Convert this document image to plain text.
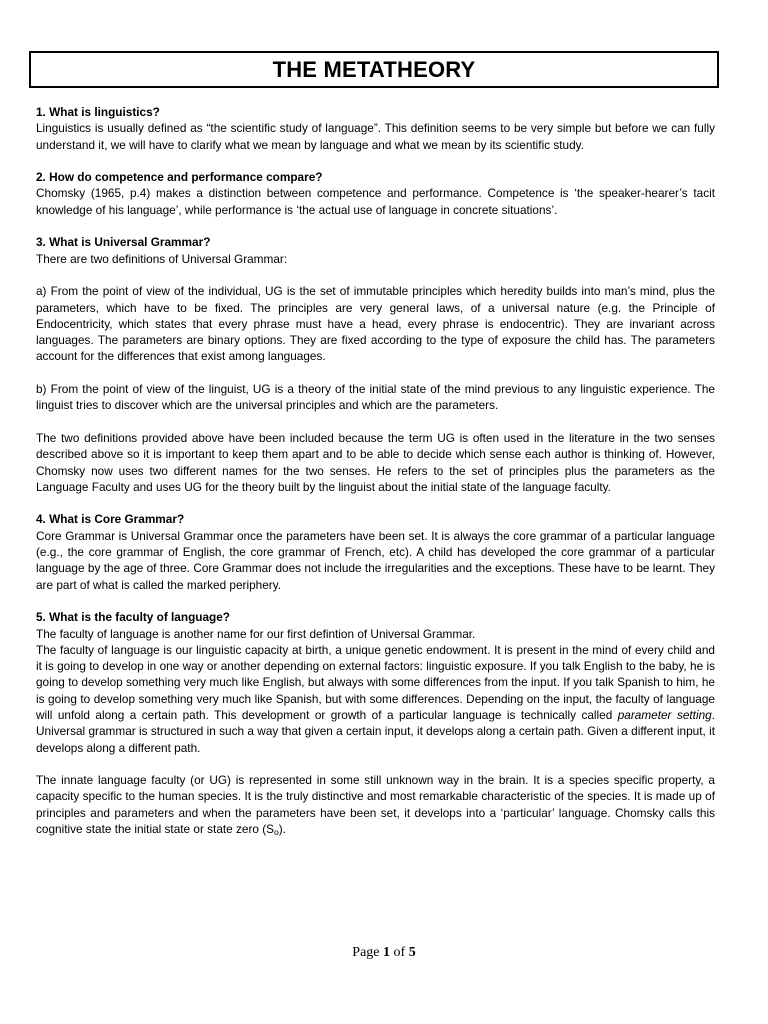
THE METATHEORY

1. What is linguistics?
Linguistics is usually defined as “the scientific study of language”. This definition seems to be very simple but before we can fully understand it, we will have to clarify what we mean by language and what we mean by its scientific study.

2. How do competence and performance compare?
Chomsky (1965, p.4) makes a distinction between competence and performance. Competence is ‘the speaker-hearer’s tacit knowledge of his language’, while performance is ‘the actual use of language in concrete situations’.

3. What is Universal Grammar?
There are two definitions of Universal Grammar:

a) From the point of view of the individual, UG is the set of immutable principles which heredity builds into man’s mind, plus the parameters, which have to be fixed. The principles are very general laws, of a universal nature (e.g. the Principle of Endocentricity, which states that every phrase must have a head, every phrase is endocentric). They are invariant across languages. The parameters are binary options. They are fixed according to the type of exposure the child has. The parameters account for the differences that exist among languages.

b) From the point of view of the linguist, UG is a theory of the initial state of the mind previous to any linguistic experience. The linguist tries to discover which are the universal principles and which are the parameters.

The two definitions provided above have been included because the term UG is often used in the literature in the two senses described above so it is important to keep them apart and to be able to decide which sense each author is thinking of. However, Chomsky now uses two different names for the two senses. He refers to the set of principles plus the parameters as the Language Faculty and uses UG for the theory built by the linguist about the initial state of the language faculty.

4. What is Core Grammar?
Core Grammar is Universal Grammar once the parameters have been set. It is always the core grammar of a particular language (e.g., the core grammar of English, the core grammar of French, etc). A child has developed the core grammar of a particular language by the age of three. Core Grammar does not include the irregularities and the exceptions. These have to be learnt. They are part of what is called the marked periphery.

5. What is the faculty of language?
The faculty of language is another name for our first defintion of Universal Grammar.

The faculty of language is our linguistic capacity at birth, a unique genetic endowment. It is present in the mind of every child and it is going to develop in one way or another depending on external factors: linguistic exposure. If you talk English to the baby, he is going to develop something very much like English, but always with some differences from the input. If you talk Spanish to him, he is going to develop something very much like Spanish, but with some differences. Depending on the input, the faculty of language will unfold along a certain path. This development or growth of a particular language is technically called parameter setting. Universal grammar is structured in such a way that given a certain input, it develops along a certain path. Given a different input, it develops along a different path.

The innate language faculty (or UG) is represented in some still unknown way in the brain. It is a species specific property, a capacity specific to the human species. It is the truly distinctive and most remarkable characteristic of the species. It is made up of principles and parameters and when the parameters have been set, it develops into a ‘particular’ language. Chomsky calls this cognitive state the initial state or state zero $(S_o)$.

Page 1 of 5
